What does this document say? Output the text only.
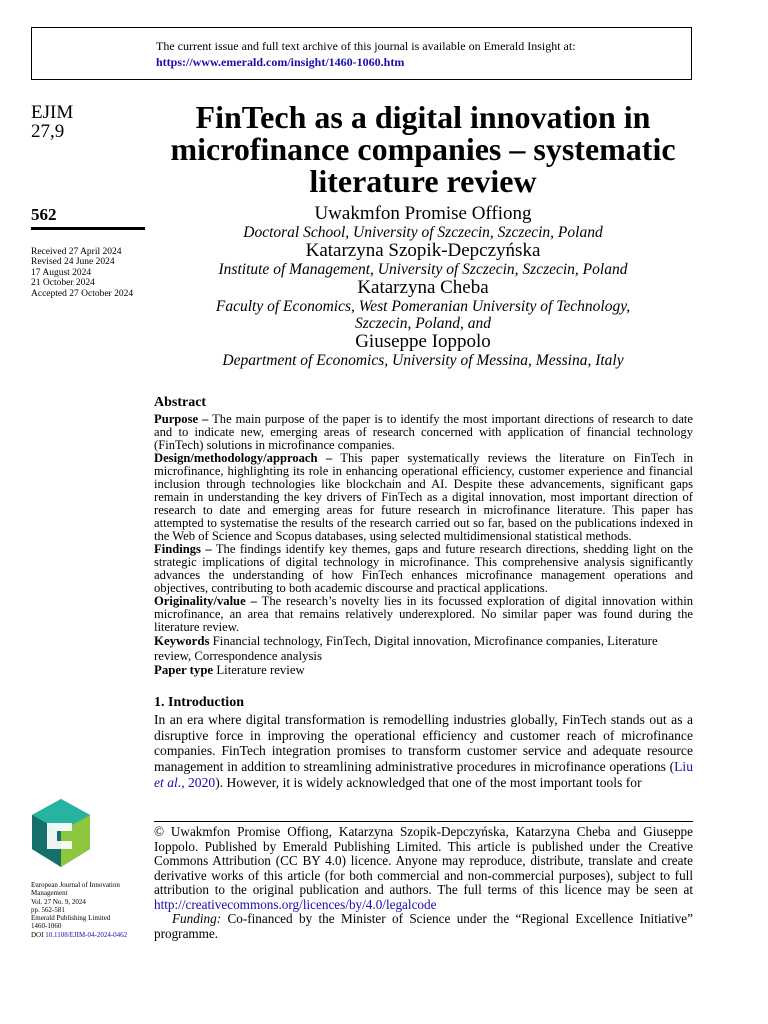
The current issue and full text archive of this journal is available on Emerald Insight at:
https://www.emerald.com/insight/1460-1060.htm
EJIM
27,9
562
Received 27 April 2024
Revised 24 June 2024
17 August 2024
21 October 2024
Accepted 27 October 2024
FinTech as a digital innovation in microfinance companies – systematic literature review
Uwakmfon Promise Offiong
Doctoral School, University of Szczecin, Szczecin, Poland
Katarzyna Szopik-Depczyńska
Institute of Management, University of Szczecin, Szczecin, Poland
Katarzyna Cheba
Faculty of Economics, West Pomeranian University of Technology,
Szczecin, Poland, and
Giuseppe Ioppolo
Department of Economics, University of Messina, Messina, Italy
Abstract

Purpose – The main purpose of the paper is to identify the most important directions of research to date and to indicate new, emerging areas of research concerned with application of financial technology (FinTech) solutions in microfinance companies.

Design/methodology/approach – This paper systematically reviews the literature on FinTech in microfinance, highlighting its role in enhancing operational efficiency, customer experience and financial inclusion through technologies like blockchain and AI. Despite these advancements, significant gaps remain in understanding the key drivers of FinTech as a digital innovation, most important direction of research to date and emerging areas for future research in microfinance literature. This paper has attempted to systematise the results of the research carried out so far, based on the publications indexed in the Web of Science and Scopus databases, using selected multidimensional statistical methods.

Findings – The findings identify key themes, gaps and future research directions, shedding light on the strategic implications of digital technology in microfinance. This comprehensive analysis significantly advances the understanding of how FinTech enhances microfinance management operations and objectives, contributing to both academic discourse and practical applications.

Originality/value – The research’s novelty lies in its focussed exploration of digital innovation within microfinance, an area that remains relatively underexplored. No similar paper was found during the literature review.

Keywords Financial technology, FinTech, Digital innovation, Microfinance companies, Literature review, Correspondence analysis

Paper type Literature review

1. Introduction
In an era where digital transformation is remodelling industries globally, FinTech stands out as a disruptive force in improving the operational efficiency and customer reach of microfinance companies. FinTech integration promises to transform customer service and adequate resource management in addition to streamlining administrative procedures in microfinance operations (Liu et al., 2020). However, it is widely acknowledged that one of the most important tools for
© Uwakmfon Promise Offiong, Katarzyna Szopik-Depczyńska, Katarzyna Cheba and Giuseppe Ioppolo. Published by Emerald Publishing Limited. This article is published under the Creative Commons Attribution (CC BY 4.0) licence. Anyone may reproduce, distribute, translate and create derivative works of this article (for both commercial and non-commercial purposes), subject to full attribution to the original publication and authors. The full terms of this licence may be seen at http://creativecommons.org/licences/by/4.0/legalcode
Funding: Co-financed by the Minister of Science under the “Regional Excellence Initiative” programme.
European Journal of Innovation
Management
Vol. 27 No. 9, 2024
pp. 562-581
Emerald Publishing Limited
1460-1060
DOI 10.1108/EJIM-04-2024-0462
